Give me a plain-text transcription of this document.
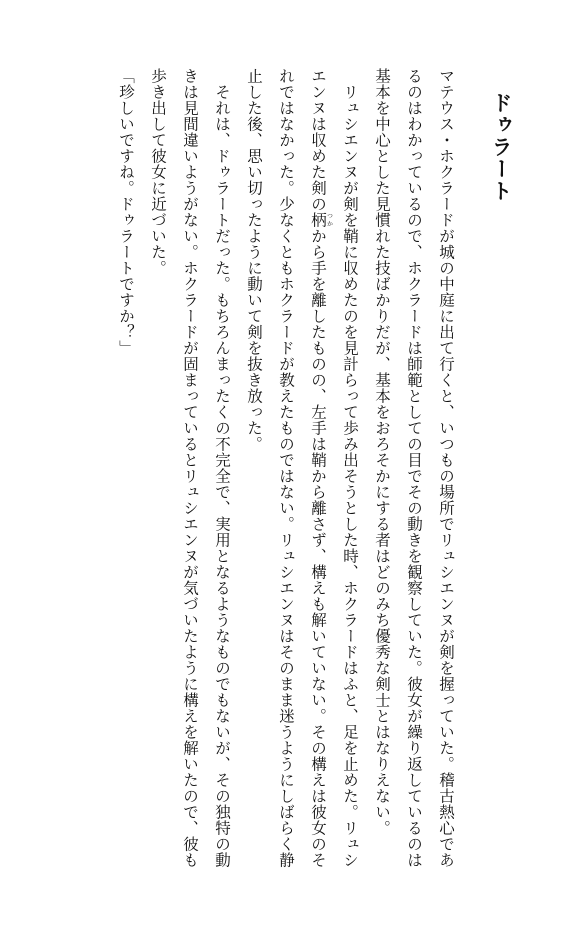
ドゥラート

マテウス・ホクラードが城の中庭に出て行くと、いつもの場所でリュシエンヌが剣を握っていた。稽古熱心であるのはわかっているので、ホクラードは師範としての目でその動きを観察していた。彼女が繰り返しているのは基本を中心とした見慣れた技ばかりだが、基本をおろそかにする者はどのみち優秀な剣士とはなりえない。

リュシエンヌが剣を鞘に収めたのを見計らって歩み出そうとした時、ホクラードはふと、足を止めた。リュシエンヌは収めた剣の柄つかから手を離したものの、左手は鞘から離さず、構えも解いていない。その構えは彼女のそれではなかった。少なくともホクラードが教えたものではない。リュシエンヌはそのまま迷うようにしばらく静止した後、思い切ったように動いて剣を抜き放った。

それは、ドゥラートだった。もちろんまったくの不完全で、実用となるようなものでもないが、その独特の動きは見間違いようがない。ホクラードが固まっているとリュシエンヌが気づいたように構えを解いたので、彼も歩き出して彼女に近づいた。

「珍しいですね。ドゥラートですか？」
